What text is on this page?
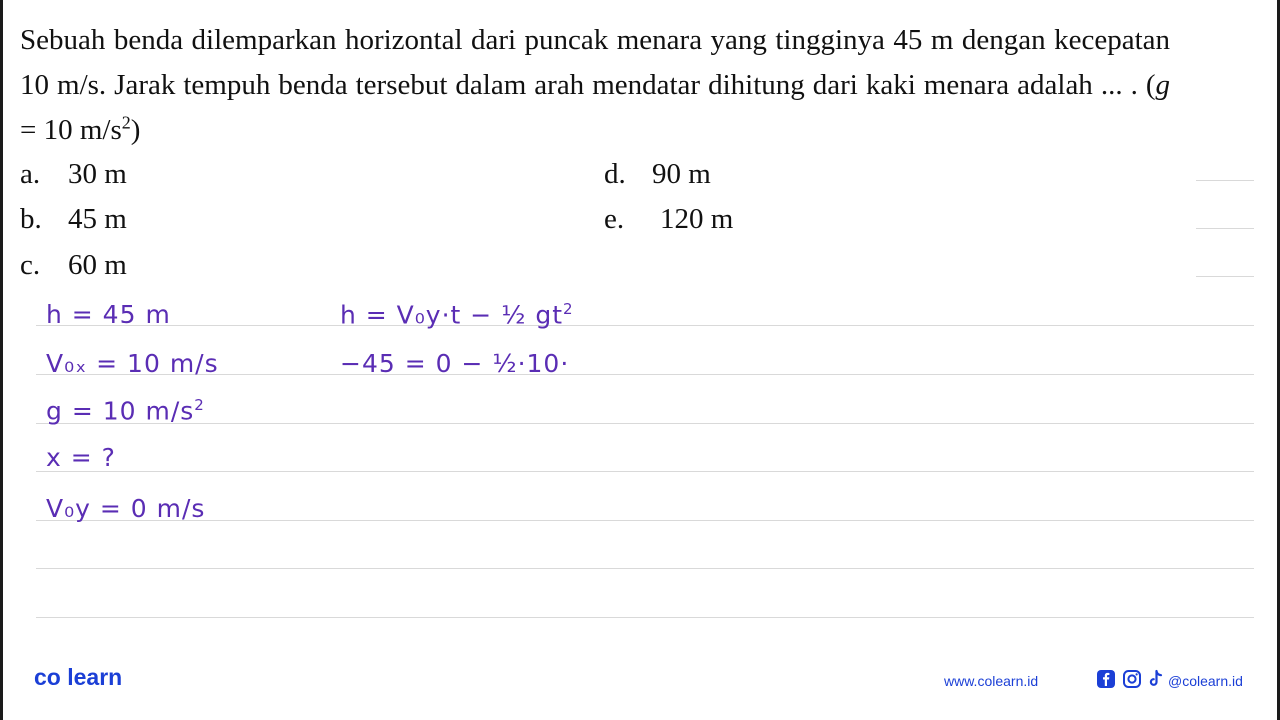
Sebuah benda dilemparkan horizontal dari puncak menara yang tingginya 45 m dengan kecepatan 10 m/s. Jarak tempuh benda tersebut dalam arah mendatar dihitung dari kaki menara adalah ... . (g = 10 $m/s^2$)
a. 30 m
b. 45 m
c. 60 m
d. 90 m
e. 120 m
h = 45 m
V₀ₓ = 10 m/s
g = 10 $m/s^2$
x = ?
V₀y = 0 m/s
h = V₀y·t − ½ $gt^2$
−45 = 0 − ½·10·
co learn	www.colearn.id	@colearn.id
